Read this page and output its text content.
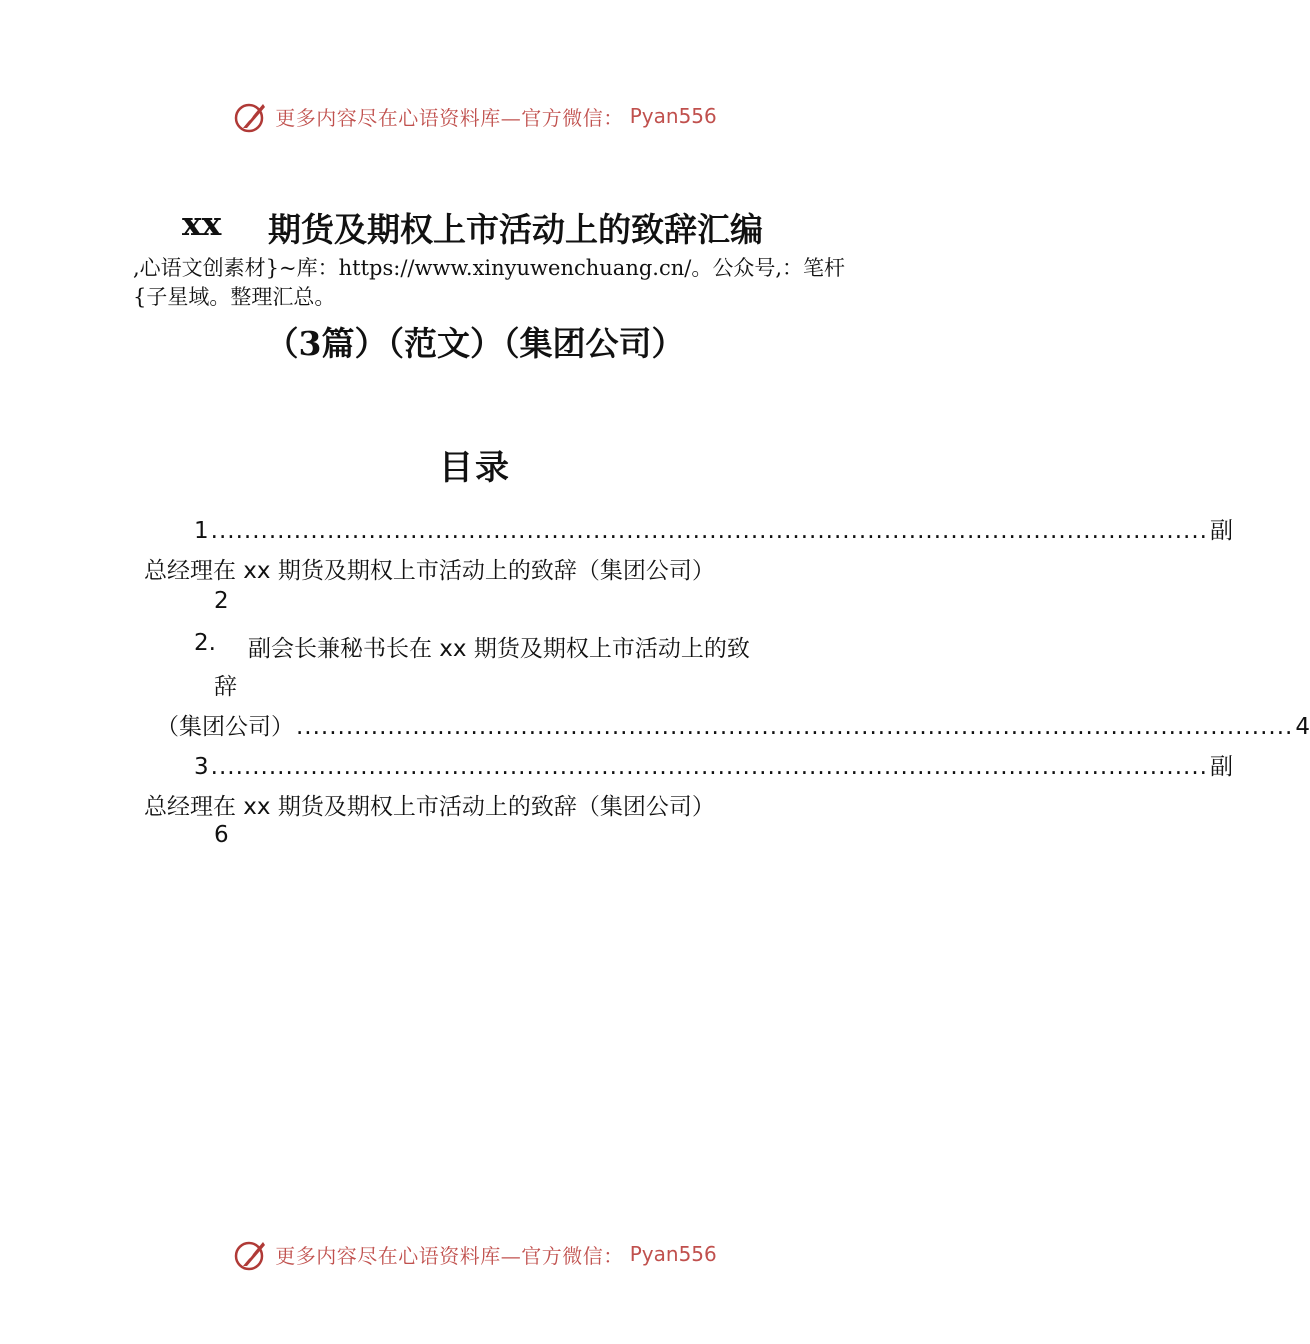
更多内容尽在心语资料库—官方微信： Pyan556
xx 期货及期权上市活动上的致辞汇编
,心语文创素材}~库：https://www.xinyuwenchuang.cn/。公众号,：笔杆{子星域。整理汇总。
（3篇）（范文）（集团公司）
目录
1 ........................................................................................................................ 副
总经理在 xx 期货及期权上市活动上的致辞（集团公司）
2
2. 副会长兼秘书长在 xx 期货及期权上市活动上的致
辞
（集团公司） ........................................................................................................................ 4
3 ........................................................................................................................ 副
总经理在 xx 期货及期权上市活动上的致辞（集团公司）
6
更多内容尽在心语资料库—官方微信： Pyan556
